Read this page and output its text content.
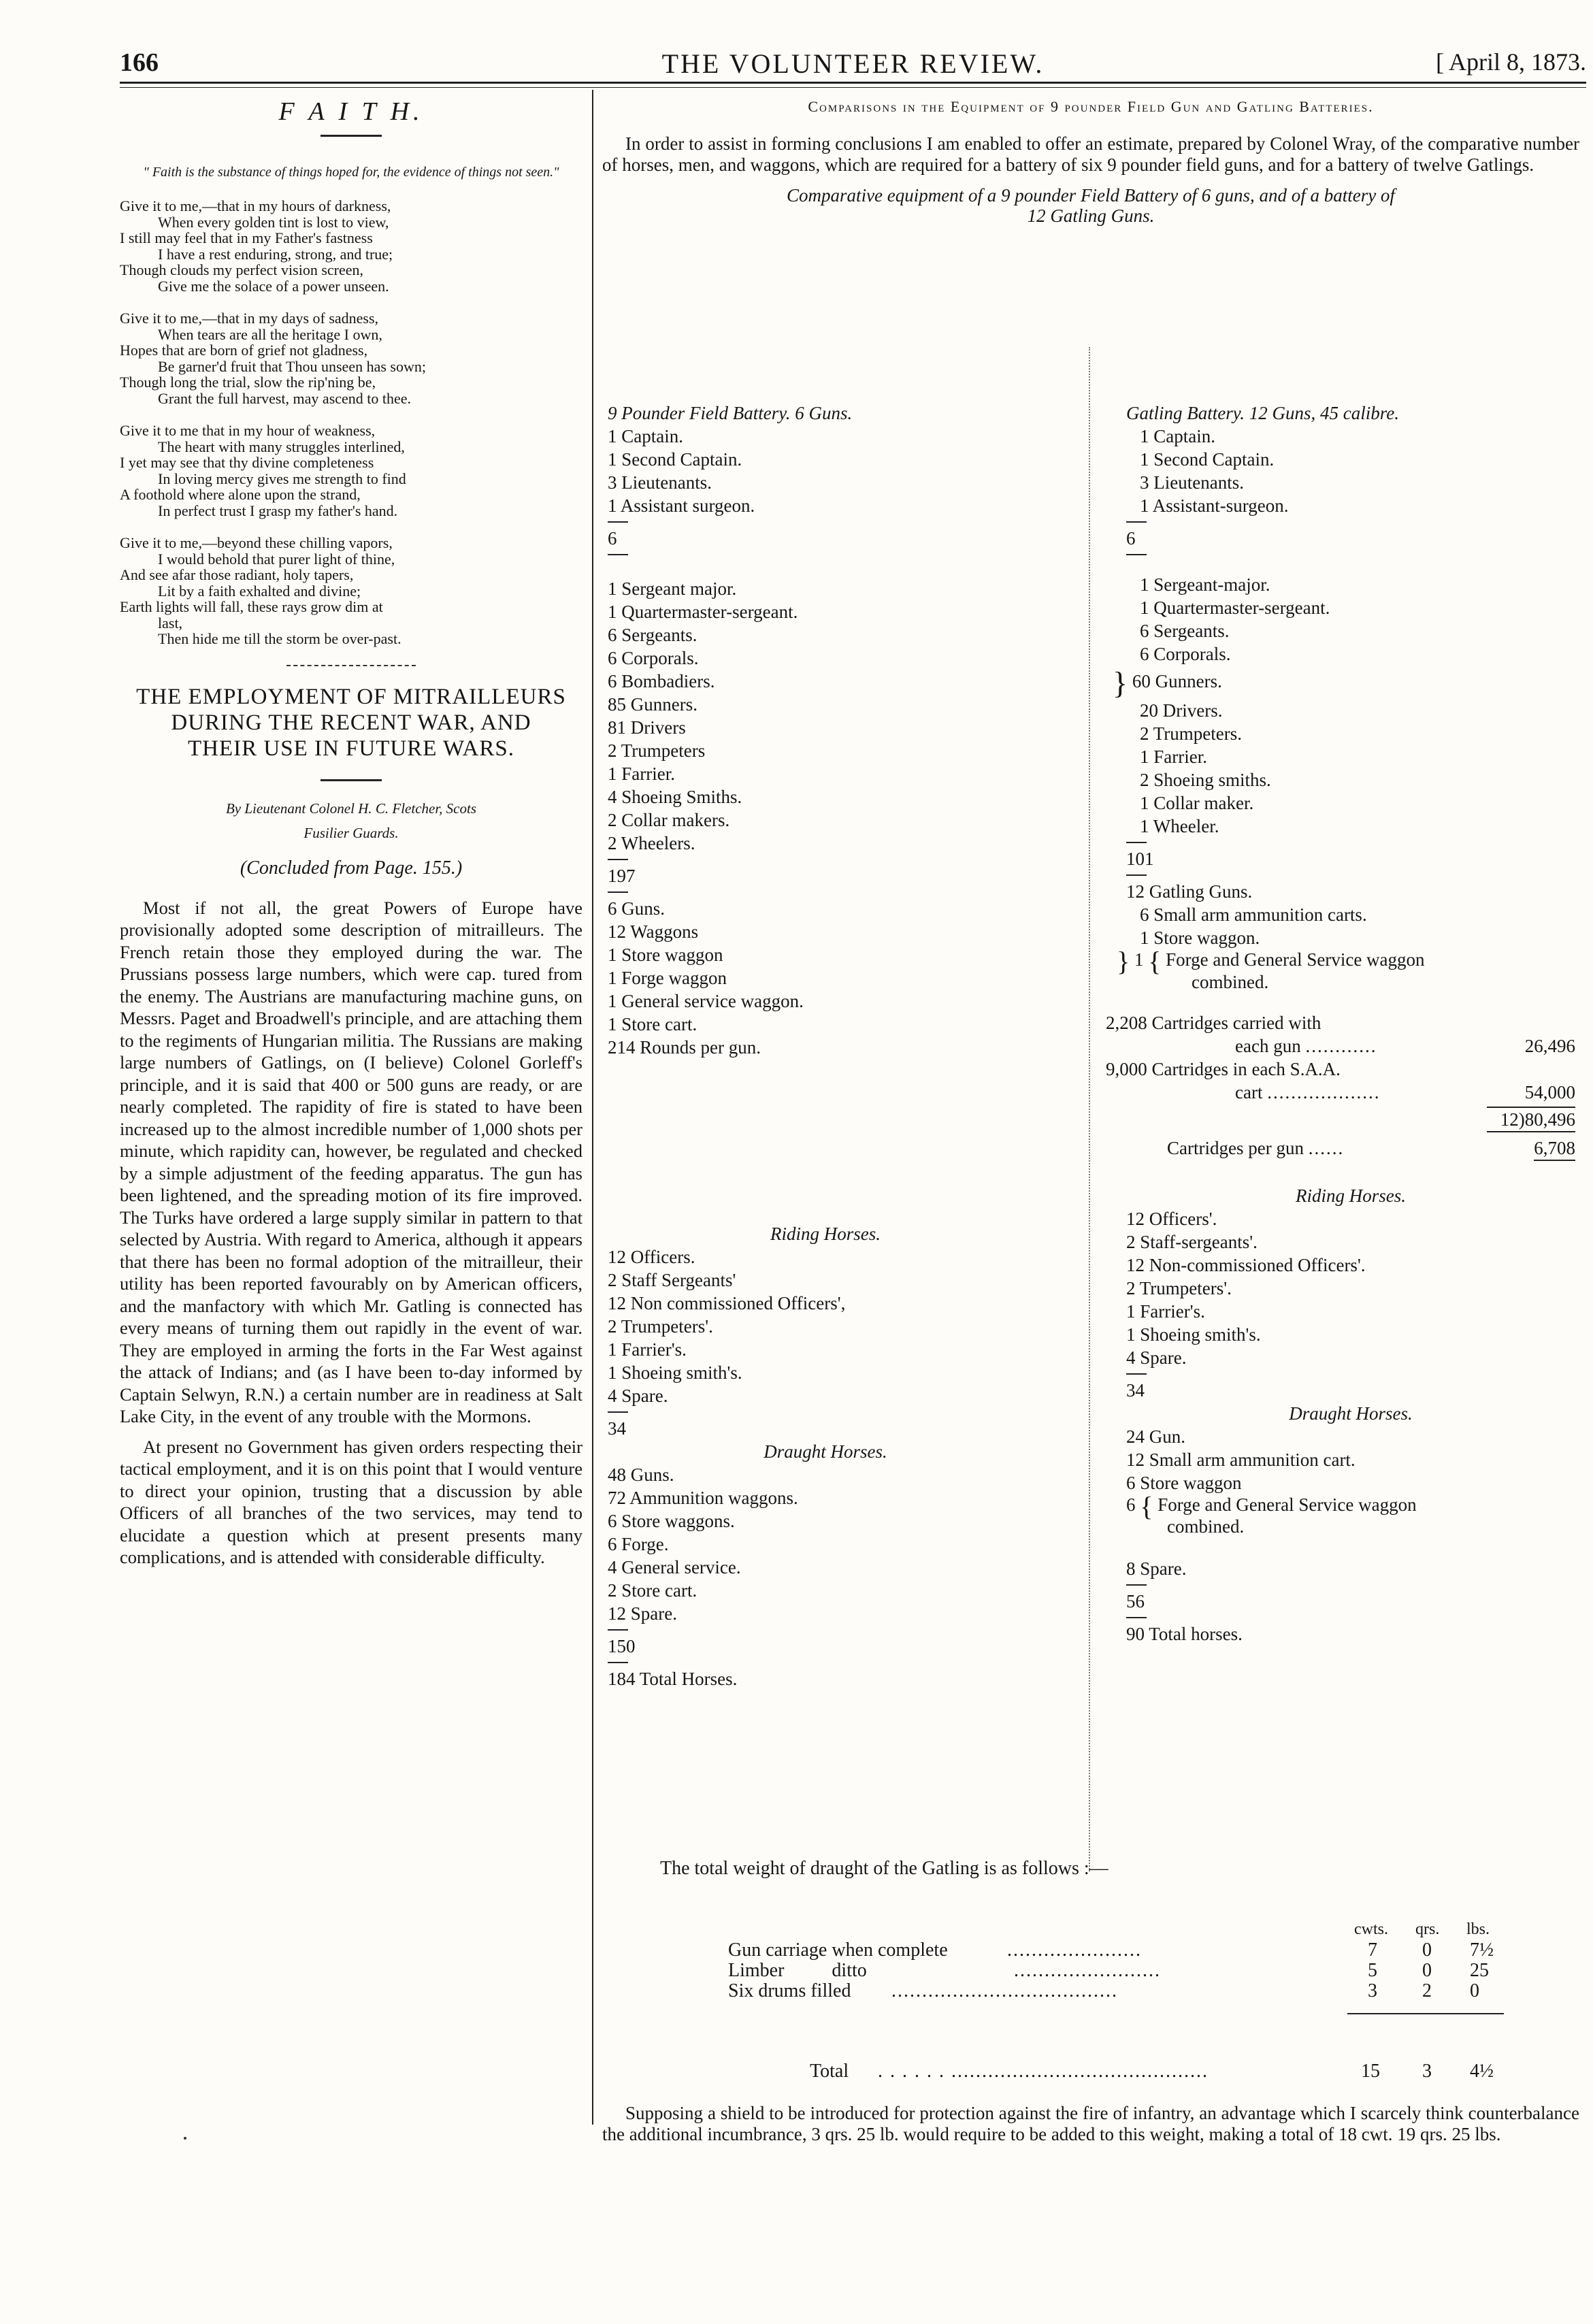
166	THE VOLUNTEER REVIEW.	[ April 8, 1873.
F A I T H.
" Faith is the substance of things hoped for, the evidence of things not seen."
Give it to me,—that in my hours of darkness,
When every golden tint is lost to view,
I still may feel that in my Father's fastness
I have a rest enduring, strong, and true;
Though clouds my perfect vision screen,
Give me the solace of a power unseen.
Give it to me,—that in my days of sadness,
When tears are all the heritage I own,
Hopes that are born of grief not gladness,
Be garner'd fruit that Thou unseen has sown;
Though long the trial, slow the rip'ning be,
Grant the full harvest, may ascend to thee.
Give it to me that in my hour of weakness,
The heart with many struggles interlined,
I yet may see that thy divine completeness
In loving mercy gives me strength to find
A foothold where alone upon the strand,
In perfect trust I grasp my father's hand.
Give it to me,—beyond these chilling vapors,
I would behold that purer light of thine,
And see afar those radiant, holy tapers,
Lit by a faith exhalted and divine;
Earth lights will fall, these rays grow dim at
last,
Then hide me till the storm be over-past.
THE EMPLOYMENT OF MITRAILLEURS
DURING THE RECENT WAR, AND
THEIR USE IN FUTURE WARS.
By Lieutenant Colonel H. C. Fletcher, Scots
Fusilier Guards.
(Concluded from Page. 155.)
Most if not all, the great Powers of Europe have provisionally adopted some description of mitrailleurs. The French retain those they employed during the war. The Prussians possess large numbers, which were cap. tured from the enemy. The Austrians are manufacturing machine guns, on Messrs. Paget and Broadwell's principle, and are attaching them to the regiments of Hungarian militia. The Russians are making large numbers of Gatlings, on (I believe) Colonel Gorleff's principle, and it is said that 400 or 500 guns are ready, or are nearly completed. The rapidity of fire is stated to have been increased up to the almost incredible number of 1,000 shots per minute, which rapidity can, however, be regulated and checked by a simple adjustment of the feeding apparatus. The gun has been lightened, and the spreading motion of its fire improved. The Turks have ordered a large supply similar in pattern to that selected by Austria. With regard to America, although it appears that there has been no formal adoption of the mitrailleur, their utility has been reported favourably on by American officers, and the manfactory with which Mr. Gatling is connected has every means of turning them out rapidly in the event of war. They are employed in arming the forts in the Far West against the attack of Indians; and (as I have been to-day informed by Captain Selwyn, R.N.) a certain number are in readiness at Salt Lake City, in the event of any trouble with the Mormons.
At present no Government has given orders respecting their tactical employment, and it is on this point that I would venture to direct your opinion, trusting that a discussion by able Officers of all branches of the two services, may tend to elucidate a question which at present presents many complications, and is attended with considerable difficulty.
Comparisons in the Equipment of 9 pounder Field Gun and Gatling Batteries.
In order to assist in forming conclusions I am enabled to offer an estimate, prepared by Colonel Wray, of the comparative number of horses, men, and waggons, which are required for a battery of six 9 pounder field guns, and for a battery of twelve Gatlings.
Comparative equipment of a 9 pounder Field Battery of 6 guns, and of a battery of
12 Gatling Guns.
9 Pounder Field Battery. 6 Guns.
1 Captain.
1 Second Captain.
3 Lieutenants.
1 Assistant surgeon.
6
1 Sergeant major.
1 Quartermaster-sergeant.
6 Sergeants.
6 Corporals.
6 Bombadiers.
85 Gunners.
81 Drivers
2 Trumpeters
1 Farrier.
4 Shoeing Smiths.
2 Collar makers.
2 Wheelers.
197
6 Guns.
12 Waggons
1 Store waggon
1 Forge waggon
1 General service waggon.
1 Store cart.
214 Rounds per gun.
Riding Horses.
12 Officers.
2 Staff Sergeants'
12 Non commissioned Officers',
2 Trumpeters'.
1 Farrier's.
1 Shoeing smith's.
4 Spare.
34
Draught Horses.
48 Guns.
72 Ammunition waggons.
6 Store waggons.
6 Forge.
4 General service.
2 Store cart.
12 Spare.
150
184 Total Horses.
Gatling Battery. 12 Guns, 45 calibre.
1 Captain.
1 Second Captain.
3 Lieutenants.
1 Assistant-surgeon.
6
1 Sergeant-major.
1 Quartermaster-sergeant.
6 Sergeants.
6 Corporals.
} 60 Gunners.
20 Drivers.
2 Trumpeters.
1 Farrier.
2 Shoeing smiths.
1 Collar maker.
1 Wheeler.
101
12 Gatling Guns.
6 Small arm ammunition carts.
1 Store waggon.
} 1 { Forge and General Service waggon
combined.
2,208 Cartridges carried with
each gun ............	26,496
9,000 Cartridges in each S.A.A.
cart ...................	54,000
12)80,496
Cartridges per gun ......	6,708
Riding Horses.
12 Officers'.
2 Staff-sergeants'.
12 Non-commissioned Officers'.
2 Trumpeters'.
1 Farrier's.
1 Shoeing smith's.
4 Spare.
34
Draught Horses.
24 Gun.
12 Small arm ammunition cart.
6 Store waggon
6 { Forge and General Service waggon
combined.
8 Spare.
56
90 Total horses.
The total weight of draught of the Gatling is as follows :—
cwts. qrs. lbs.
Gun carriage when complete	......................	7 0 7½
Limber          ditto	........................	5 0 25
Six drums filled .....................................	3 2 0
Total . . . . . . ..........................................	15 3 4½
Supposing a shield to be introduced for protection against the fire of infantry, an advantage which I scarcely think counterbalance the additional incumbrance, 3 qrs. 25 lb. would require to be added to this weight, making a total of 18 cwt. 19 qrs. 25 lbs.
